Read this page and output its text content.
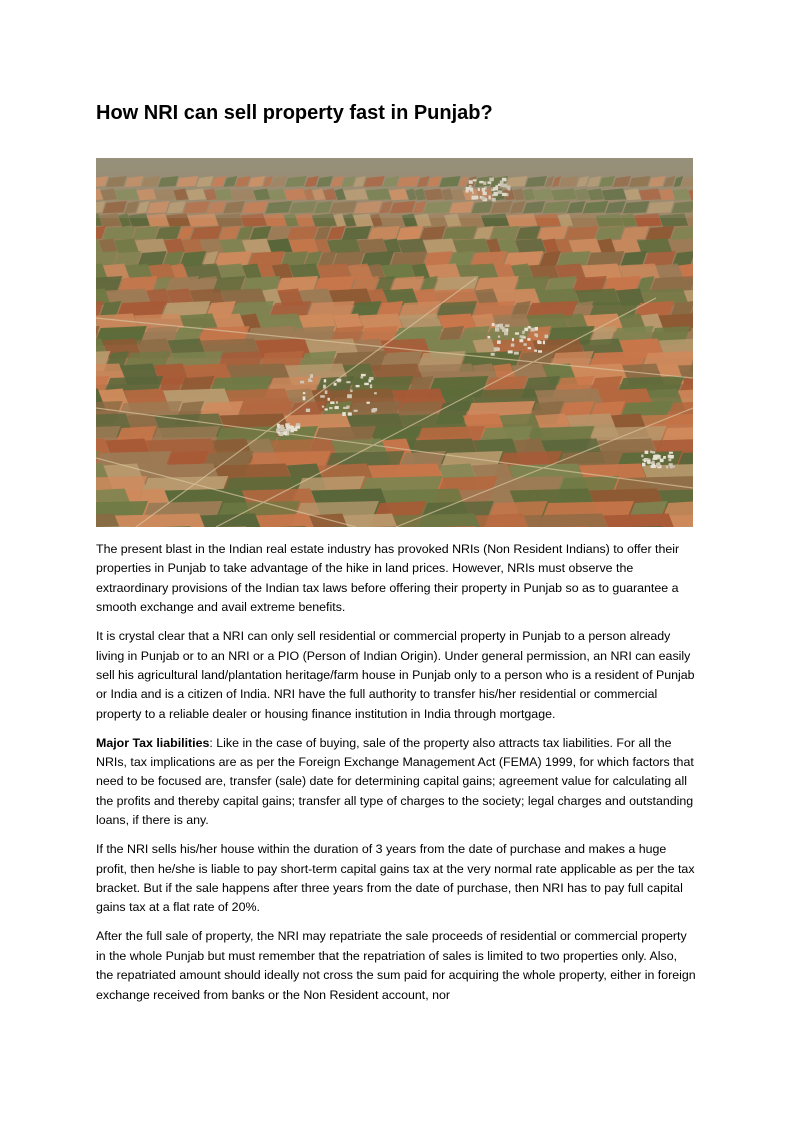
How NRI can sell property fast in Punjab?

The present blast in the Indian real estate industry has provoked NRIs (Non Resident Indians) to offer their properties in Punjab to take advantage of the hike in land prices. However, NRIs must observe the extraordinary provisions of the Indian tax laws before offering their property in Punjab so as to guarantee a smooth exchange and avail extreme benefits.

It is crystal clear that a NRI can only sell residential or commercial property in Punjab to a person already living in Punjab or to an NRI or a PIO (Person of Indian Origin). Under general permission, an NRI can easily sell his agricultural land/plantation heritage/farm house in Punjab only to a person who is a resident of Punjab or India and is a citizen of India. NRI have the full authority to transfer his/her residential or commercial property to a reliable dealer or housing finance institution in India through mortgage.

Major Tax liabilities: Like in the case of buying, sale of the property also attracts tax liabilities. For all the NRIs, tax implications are as per the Foreign Exchange Management Act (FEMA) 1999, for which factors that need to be focused are, transfer (sale) date for determining capital gains; agreement value for calculating all the profits and thereby capital gains; transfer all type of charges to the society; legal charges and outstanding loans, if there is any.

If the NRI sells his/her house within the duration of 3 years from the date of purchase and makes a huge profit, then he/she is liable to pay short-term capital gains tax at the very normal rate applicable as per the tax bracket. But if the sale happens after three years from the date of purchase, then NRI has to pay full capital gains tax at a flat rate of 20%.

After the full sale of property, the NRI may repatriate the sale proceeds of residential or commercial property in the whole Punjab but must remember that the repatriation of sales is limited to two properties only. Also, the repatriated amount should ideally not cross the sum paid for acquiring the whole property, either in foreign exchange received from banks or the Non Resident account, nor
